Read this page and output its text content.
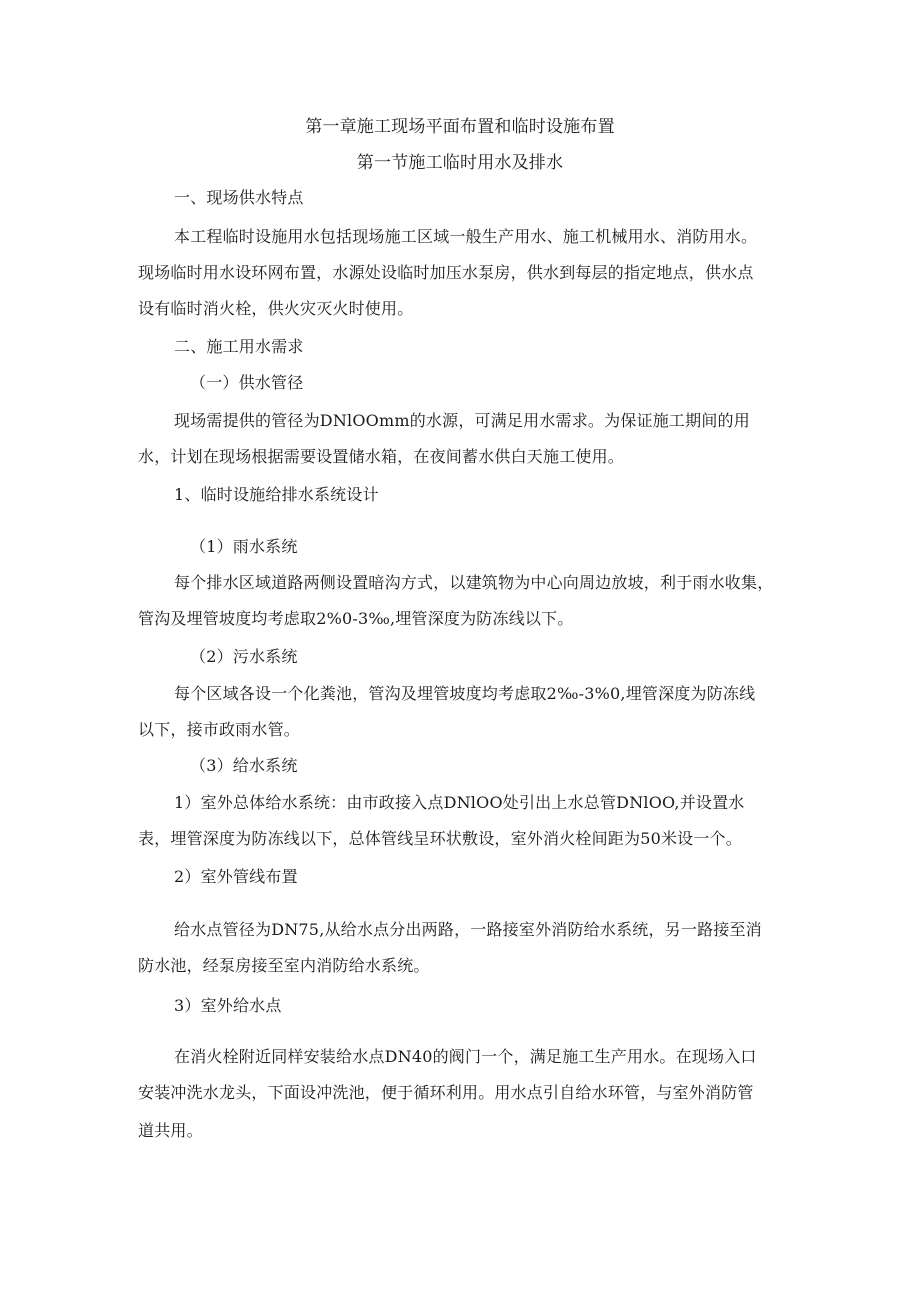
第一章施工现场平面布置和临时设施布置
第一节施工临时用水及排水
一、现场供水特点
本工程临时设施用水包括现场施工区域一般生产用水、施工机械用水、消防用水。
现场临时用水设环网布置，水源处设临时加压水泵房，供水到每层的指定地点，供水点
设有临时消火栓，供火灾灭火时使用。
二、施工用水需求
（一）供水管径
现场需提供的管径为DNlOOmm的水源，可满足用水需求。为保证施工期间的用
水，计划在现场根据需要设置储水箱，在夜间蓄水供白天施工使用。
1、临时设施给排水系统设计
（1）雨水系统
每个排水区域道路两侧设置暗沟方式，以建筑物为中心向周边放坡，利于雨水收集，
管沟及埋管坡度均考虑取2%0-3‰,埋管深度为防冻线以下。
（2）污水系统
每个区域各设一个化粪池，管沟及埋管坡度均考虑取2‰-3%0,埋管深度为防冻线
以下，接市政雨水管。
（3）给水系统
1）室外总体给水系统：由市政接入点DNlOO处引出上水总管DNlOO,并设置水
表，埋管深度为防冻线以下，总体管线呈环状敷设，室外消火栓间距为50米设一个。
2）室外管线布置
给水点管径为DN75,从给水点分出两路，一路接室外消防给水系统，另一路接至消
防水池，经泵房接至室内消防给水系统。
3）室外给水点
在消火栓附近同样安装给水点DN40的阀门一个，满足施工生产用水。在现场入口
安装冲洗水龙头，下面设冲洗池，便于循环利用。用水点引自给水环管，与室外消防管
道共用。
